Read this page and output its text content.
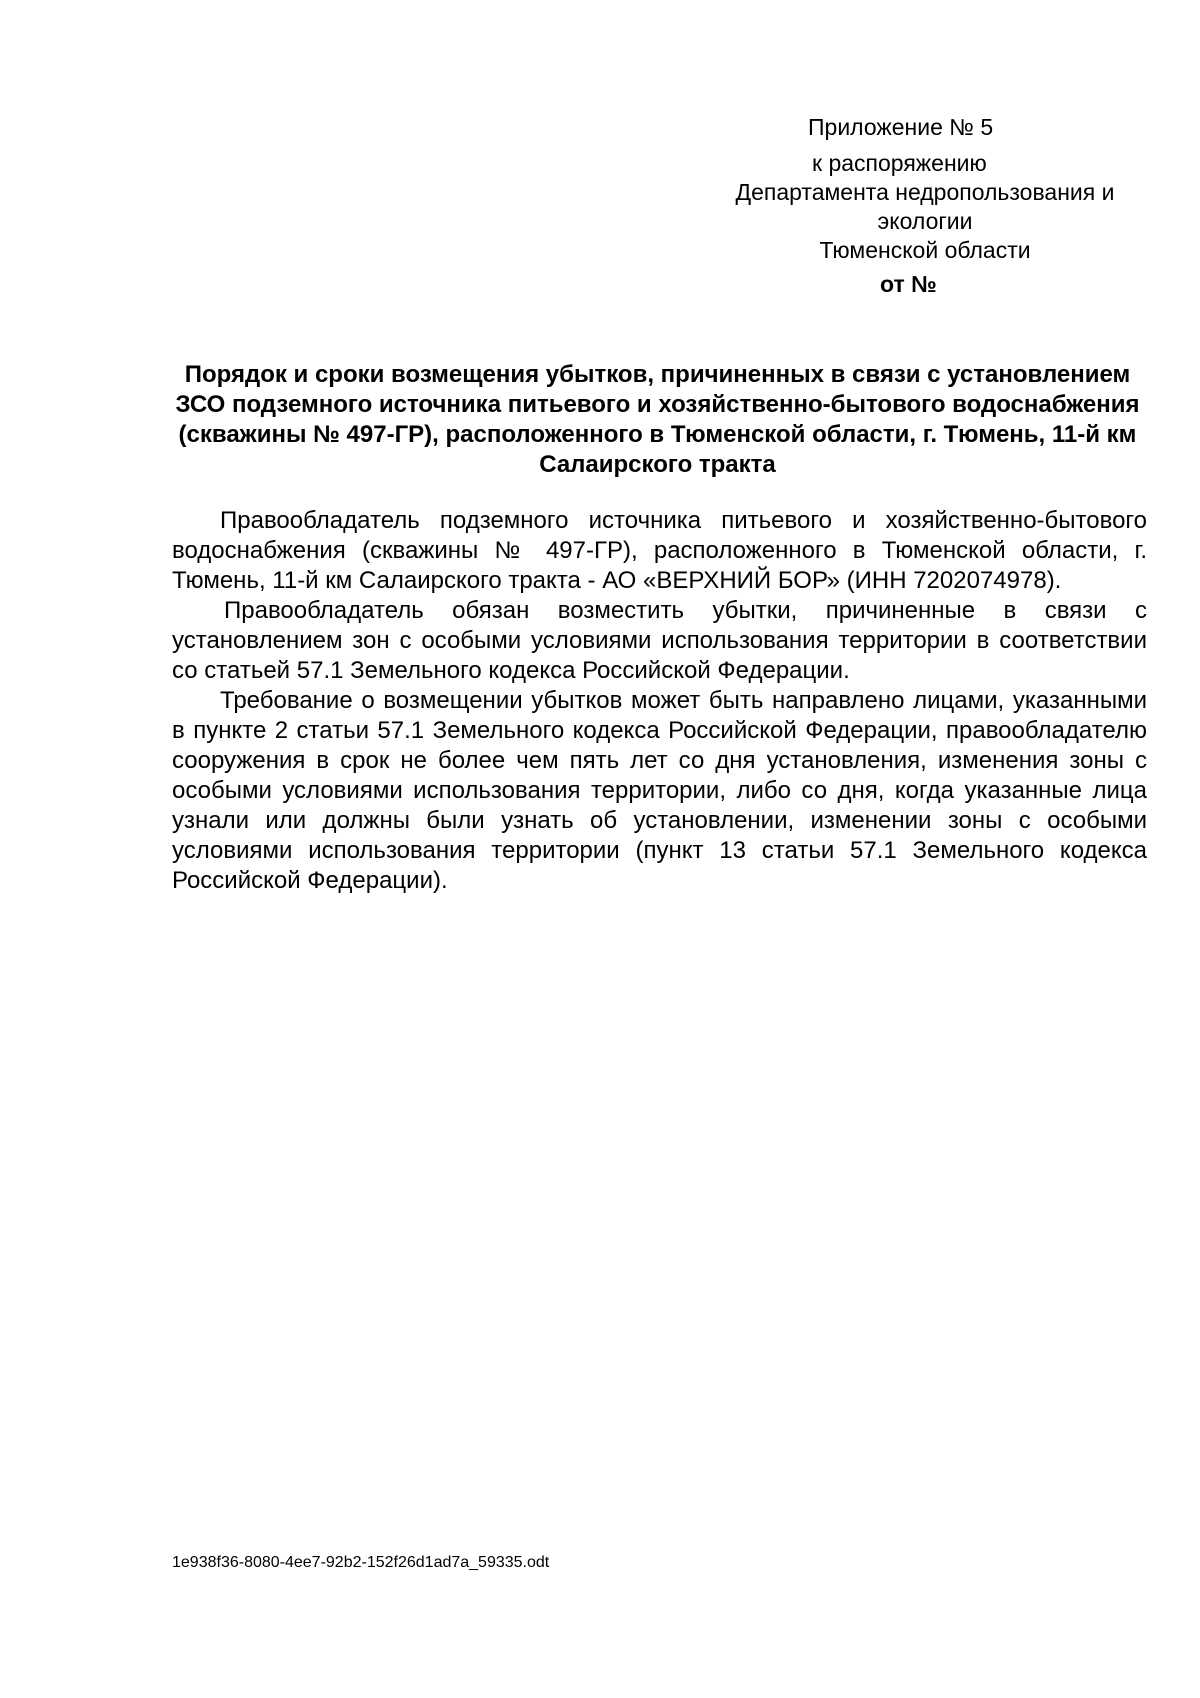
Приложение № 5
к распоряжению
Департамента недропользования и
экологии
Тюменской области
от №
Порядок и сроки возмещения убытков, причиненных в связи с установлением ЗСО подземного источника питьевого и хозяйственно-бытового водоснабжения (скважины № 497-ГР), расположенного в Тюменской области, г. Тюмень, 11-й км Салаирского тракта

Правообладатель подземного источника питьевого и хозяйственно-бытового водоснабжения (скважины № 497-ГР), расположенного в Тюменской области, г. Тюмень, 11-й км Салаирского тракта - АО «ВЕРХНИЙ БОР» (ИНН 7202074978).

Правообладатель обязан возместить убытки, причиненные в связи с установлением зон с особыми условиями использования территории в соответствии со статьей 57.1 Земельного кодекса Российской Федерации.

Требование о возмещении убытков может быть направлено лицами, указанными в пункте 2 статьи 57.1 Земельного кодекса Российской Федерации, правообладателю сооружения в срок не более чем пять лет со дня установления, изменения зоны с особыми условиями использования территории, либо со дня, когда указанные лица узнали или должны были узнать об установлении, изменении зоны с особыми условиями использования территории (пункт 13 статьи 57.1 Земельного кодекса Российской Федерации).

1e938f36-8080-4ee7-92b2-152f26d1ad7a_59335.odt
